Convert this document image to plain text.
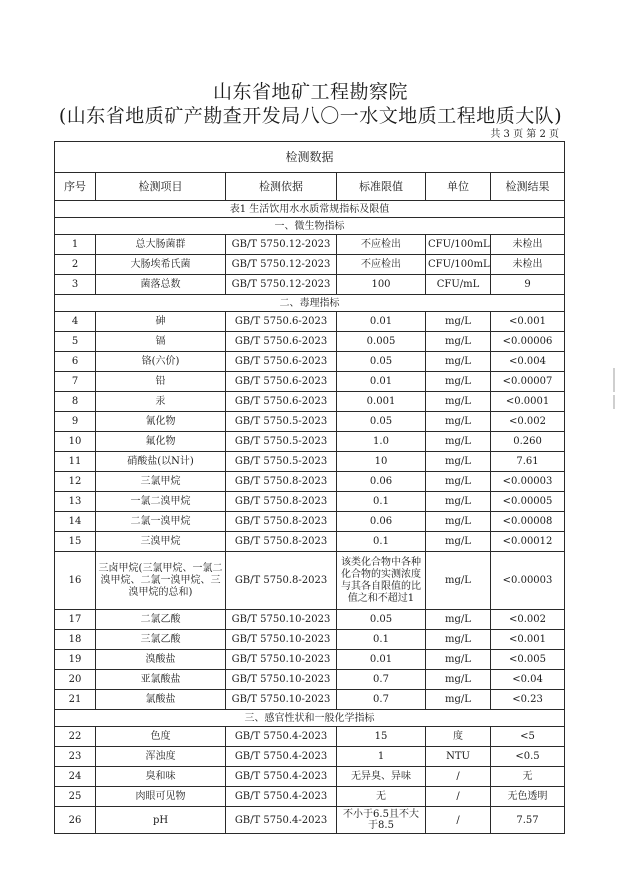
山东省地矿工程勘察院
(山东省地质矿产勘查开发局八〇一水文地质工程地质大队)
共 3 页 第 2 页
检测数据					
序号	检测项目	检测依据	标准限值	单位	检测结果
表1 生活饮用水水质常规指标及限值					
一、微生物指标					
1	总大肠菌群	GB/T 5750.12-2023	不应检出	CFU/100mL	未检出
2	大肠埃希氏菌	GB/T 5750.12-2023	不应检出	CFU/100mL	未检出
3	菌落总数	GB/T 5750.12-2023	100	CFU/mL	9
二、毒理指标					
4	砷	GB/T 5750.6-2023	0.01	mg/L	<0.001
5	镉	GB/T 5750.6-2023	0.005	mg/L	<0.00006
6	铬(六价)	GB/T 5750.6-2023	0.05	mg/L	<0.004
7	铅	GB/T 5750.6-2023	0.01	mg/L	<0.00007
8	汞	GB/T 5750.6-2023	0.001	mg/L	<0.0001
9	氰化物	GB/T 5750.5-2023	0.05	mg/L	<0.002
10	氟化物	GB/T 5750.5-2023	1.0	mg/L	0.260
11	硝酸盐(以N计)	GB/T 5750.5-2023	10	mg/L	7.61
12	三氯甲烷	GB/T 5750.8-2023	0.06	mg/L	<0.00003
13	一氯二溴甲烷	GB/T 5750.8-2023	0.1	mg/L	<0.00005
14	二氯一溴甲烷	GB/T 5750.8-2023	0.06	mg/L	<0.00008
15	三溴甲烷	GB/T 5750.8-2023	0.1	mg/L	<0.00012
16	三卤甲烷(三氯甲烷、一氯二溴甲烷、二氯一溴甲烷、三溴甲烷的总和)	GB/T 5750.8-2023	该类化合物中各种化合物的实测浓度与其各自限值的比值之和不超过1	mg/L	<0.00003
17	二氯乙酸	GB/T 5750.10-2023	0.05	mg/L	<0.002
18	三氯乙酸	GB/T 5750.10-2023	0.1	mg/L	<0.001
19	溴酸盐	GB/T 5750.10-2023	0.01	mg/L	<0.005
20	亚氯酸盐	GB/T 5750.10-2023	0.7	mg/L	<0.04
21	氯酸盐	GB/T 5750.10-2023	0.7	mg/L	<0.23
三、感官性状和一般化学指标					
22	色度	GB/T 5750.4-2023	15	度	<5
23	浑浊度	GB/T 5750.4-2023	1	NTU	<0.5
24	臭和味	GB/T 5750.4-2023	无异臭、异味	/	无
25	肉眼可见物	GB/T 5750.4-2023	无	/	无色透明
26	pH	GB/T 5750.4-2023	不小于6.5且不大于8.5	/	7.57
